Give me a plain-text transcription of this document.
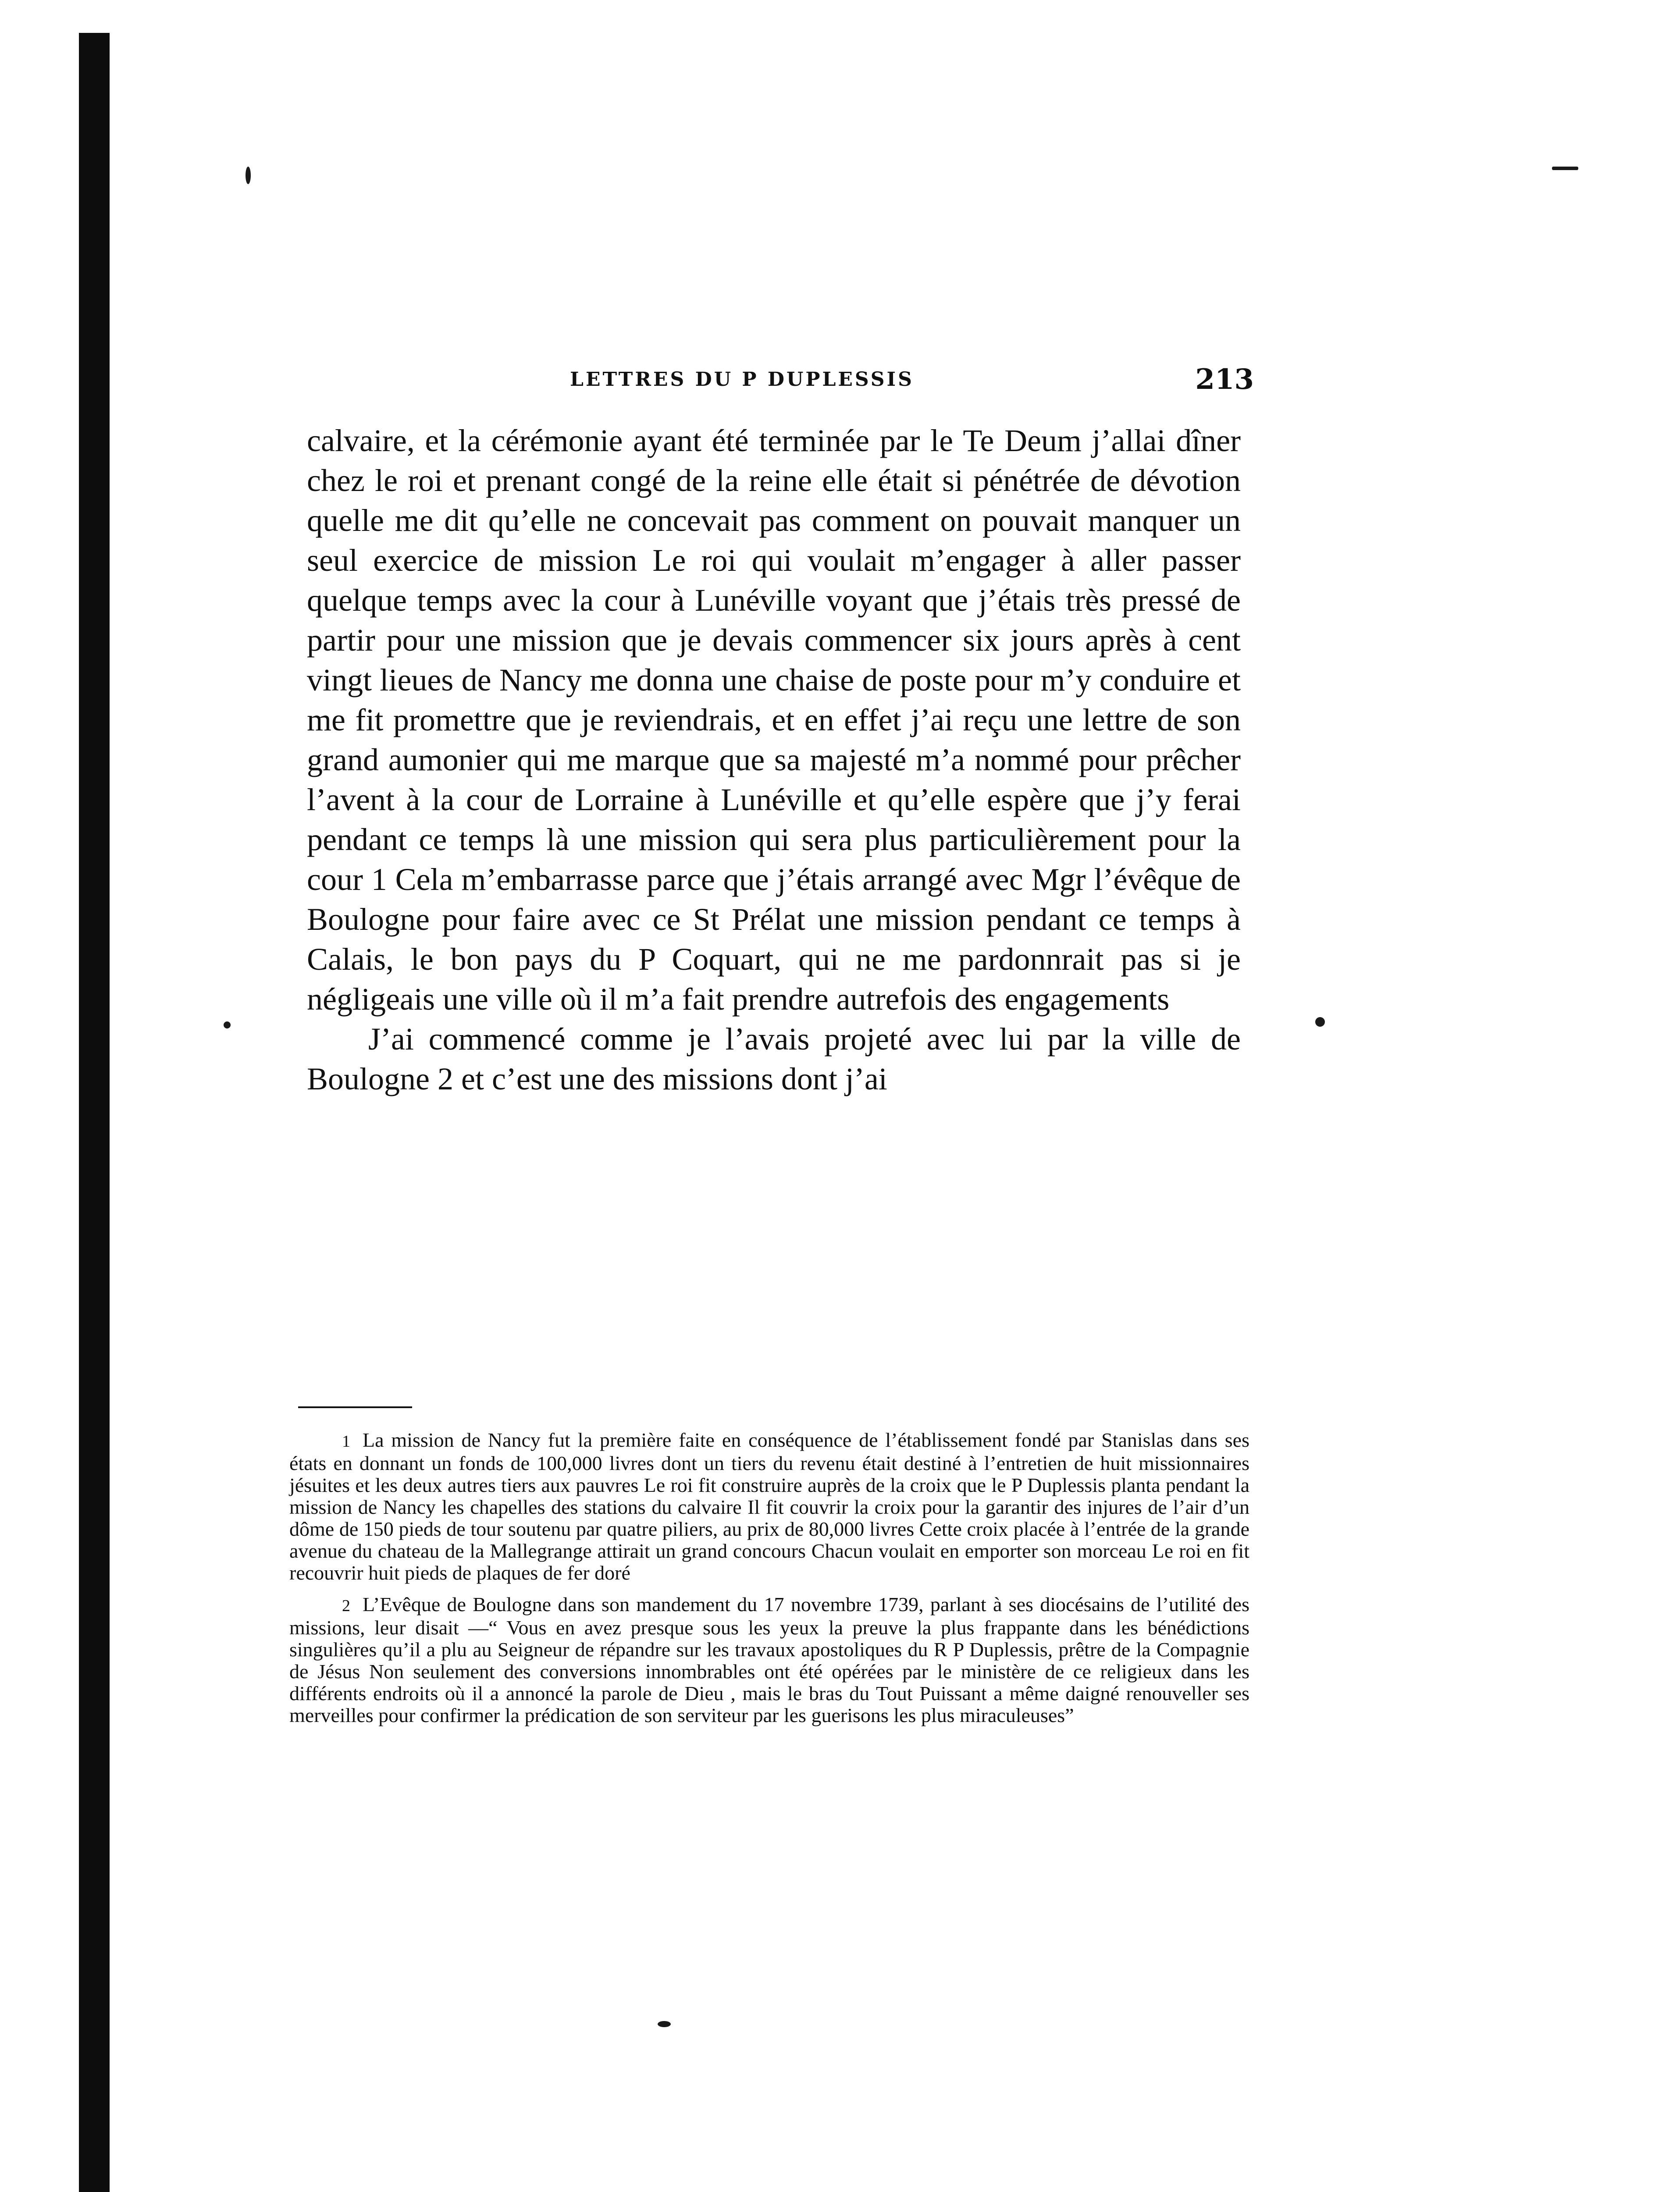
LETTRES DU P DUPLESSIS	213

calvaire, et la cérémonie ayant été terminée par le Te Deum j’allai dîner chez le roi et prenant congé de la reine elle était si pénétrée de dévotion quelle me dit qu’elle ne concevait pas comment on pouvait manquer un seul exercice de mission Le roi qui voulait m’engager à aller passer quelque temps avec la cour à Lunéville voyant que j’étais très pressé de partir pour une mission que je devais commencer six jours après à cent vingt lieues de Nancy me donna une chaise de poste pour m’y conduire et me fit promettre que je reviendrais, et en effet j’ai reçu une lettre de son grand aumonier qui me marque que sa majesté m’a nommé pour prêcher l’avent à la cour de Lorraine à Lunéville et qu’elle espère que j’y ferai pendant ce temps là une mission qui sera plus particulièrement pour la cour 1 Cela m’embarrasse parce que j’étais arrangé avec Mgr l’évêque de Boulogne pour faire avec ce St Prélat une mission pendant ce temps à Calais, le bon pays du P Coquart, qui ne me pardonnrait pas si je négligeais une ville où il m’a fait prendre autrefois des engagements

J’ai commencé comme je l’avais projeté avec lui par la ville de Boulogne 2 et c’est une des missions dont j’ai

1 La mission de Nancy fut la première faite en conséquence de l’établissement fondé par Stanislas dans ses états en donnant un fonds de 100,000 livres dont un tiers du revenu était destiné à l’entretien de huit missionnaires jésuites et les deux autres tiers aux pauvres Le roi fit construire auprès de la croix que le P Duplessis planta pendant la mission de Nancy les chapelles des stations du calvaire Il fit couvrir la croix pour la garantir des injures de l’air d’un dôme de 150 pieds de tour soutenu par quatre piliers, au prix de 80,000 livres Cette croix placée à l’entrée de la grande avenue du chateau de la Mallegrange attirait un grand concours Chacun voulait en emporter son morceau Le roi en fit recouvrir huit pieds de plaques de fer doré

2 L’Evêque de Boulogne dans son mandement du 17 novembre 1739, parlant à ses diocésains de l’utilité des missions, leur disait —“ Vous en avez presque sous les yeux la preuve la plus frappante dans les bénédictions singulières qu’il a plu au Seigneur de répandre sur les travaux apostoliques du R P Duplessis, prêtre de la Compagnie de Jésus Non seulement des conversions innombrables ont été opérées par le ministère de ce religieux dans les différents endroits où il a annoncé la parole de Dieu , mais le bras du Tout Puissant a même daigné renouveller ses merveilles pour confirmer la prédication de son serviteur par les guerisons les plus miraculeuses”
